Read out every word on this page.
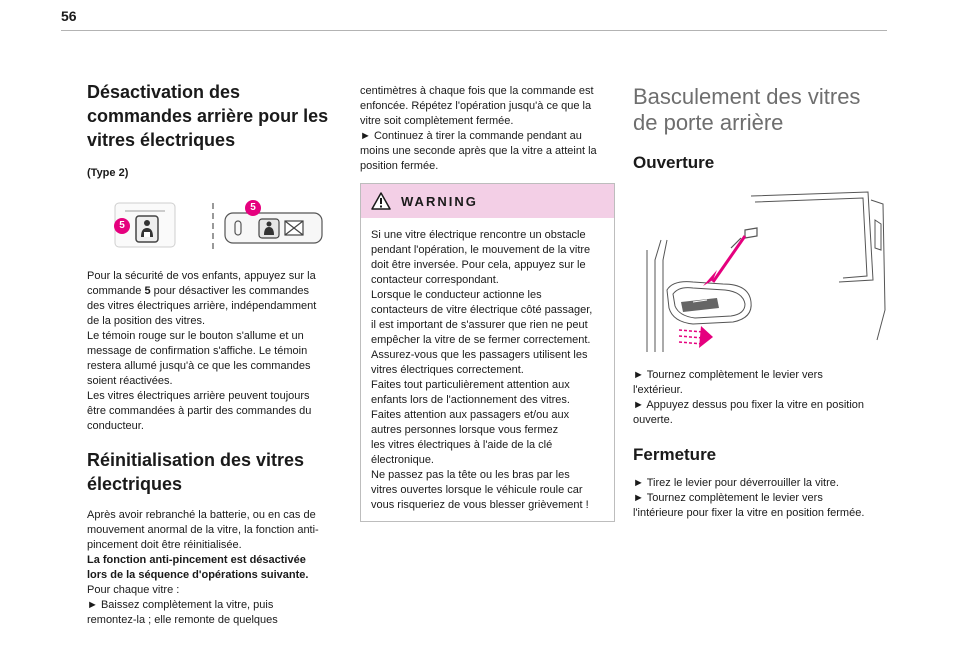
56
Désactivation des
commandes arrière pour les
vitres électriques

(Type 2)

5
5

Pour la sécurité de vos enfants, appuyez sur la
commande 5 pour désactiver les commandes
des vitres électriques arrière, indépendamment
de la position des vitres.
Le témoin rouge sur le bouton s'allume et un
message de confirmation s'affiche. Le témoin
restera allumé jusqu'à ce que les commandes
soient réactivées.
Les vitres électriques arrière peuvent toujours
être commandées à partir des commandes du
conducteur.

Réinitialisation des vitres
électriques

Après avoir rebranché la batterie, ou en cas de
mouvement anormal de la vitre, la fonction anti-
pincement doit être réinitialisée.

La fonction anti-pincement est désactivée
lors de la séquence d'opérations suivante.

Pour chaque vitre :
► Baissez complètement la vitre, puis
remontez-la ; elle remonte de quelques

centimètres à chaque fois que la commande est
enfoncée. Répétez l'opération jusqu'à ce que la
vitre soit complètement fermée.
► Continuez à tirer la commande pendant au
moins une seconde après que la vitre a atteint la
position fermée.

WARNING
Si une vitre électrique rencontre un obstacle
pendant l'opération, le mouvement de la vitre
doit être inversée. Pour cela, appuyez sur le
contacteur correspondant.
Lorsque le conducteur actionne les
contacteurs de vitre électrique côté passager,
il est important de s'assurer que rien ne peut
empêcher la vitre de se fermer correctement.
Assurez-vous que les passagers utilisent les
vitres électriques correctement.
Faites tout particulièrement attention aux
enfants lors de l'actionnement des vitres.
Faites attention aux passagers et/ou aux
autres personnes lorsque vous fermez
les vitres électriques à l'aide de la clé
électronique.
Ne passez pas la tête ou les bras par les
vitres ouvertes lorsque le véhicule roule car
vous risqueriez de vous blesser grièvement !
Basculement des vitres
de porte arrière
Ouverture

► Tournez complètement le levier vers
l'extérieur.
► Appuyez dessus pou fixer la vitre en position
ouverte.

Fermeture

► Tirez le levier pour déverrouiller la vitre.
► Tournez complètement le levier vers
l'intérieure pour fixer la vitre en position fermée.
